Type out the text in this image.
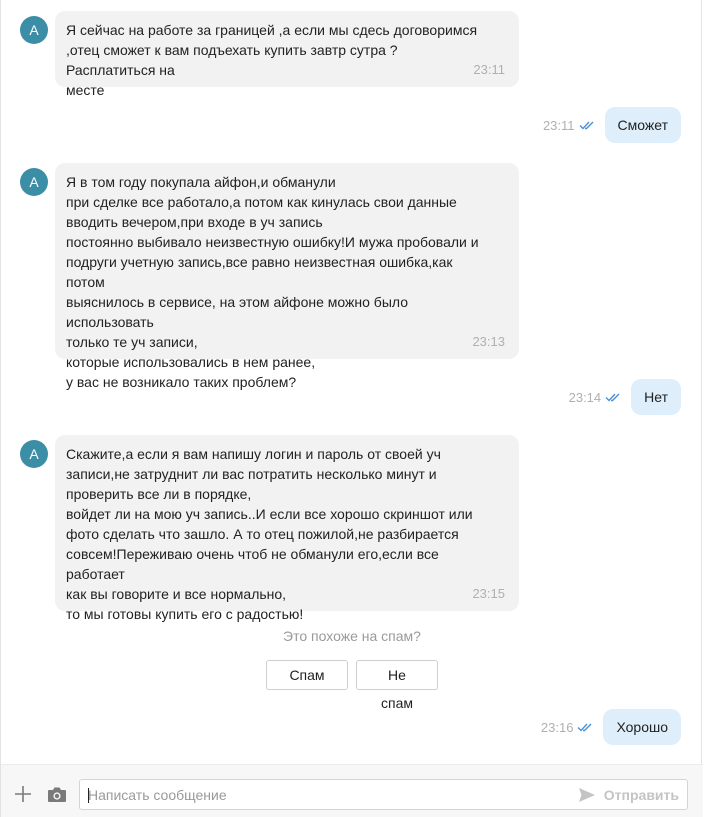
A	Я сейчас на работе за границей ,а если мы сдесь договоримся
,отец сможет к вам подъехать купить завтр сутра ?Расплатиться на
месте
23:11
23:11	Сможет
A	Я в том году покупала айфон,и обманули
при сделке все работало,а потом как кинулась свои данные
вводить вечером,при входе в уч запись
постоянно выбивало неизвестную ошибку!И мужа пробовали и
подруги учетную запись,все равно неизвестная ошибка,как потом
выяснилось в сервисе, на этом айфоне можно было использовать
только те уч записи,
которые использовались в нем ранее,
у вас не возникало таких проблем?
23:13
23:14	Нет
A	Скажите,а если я вам напишу логин и пароль от своей уч
записи,не затруднит ли вас потратить несколько минут и
проверить все ли в порядке,
войдет ли на мою уч запись..И если все хорошо скриншот или
фото сделать что зашло. А то отец пожилой,не разбирается
совсем!Переживаю очень чтоб не обманули его,если все работает
как вы говорите и все нормально,
то мы готовы купить его с радостью!
23:15
Это похоже на спам?
Спам	Не спам
23:16	Хорошо
Написать сообщение
Отправить
